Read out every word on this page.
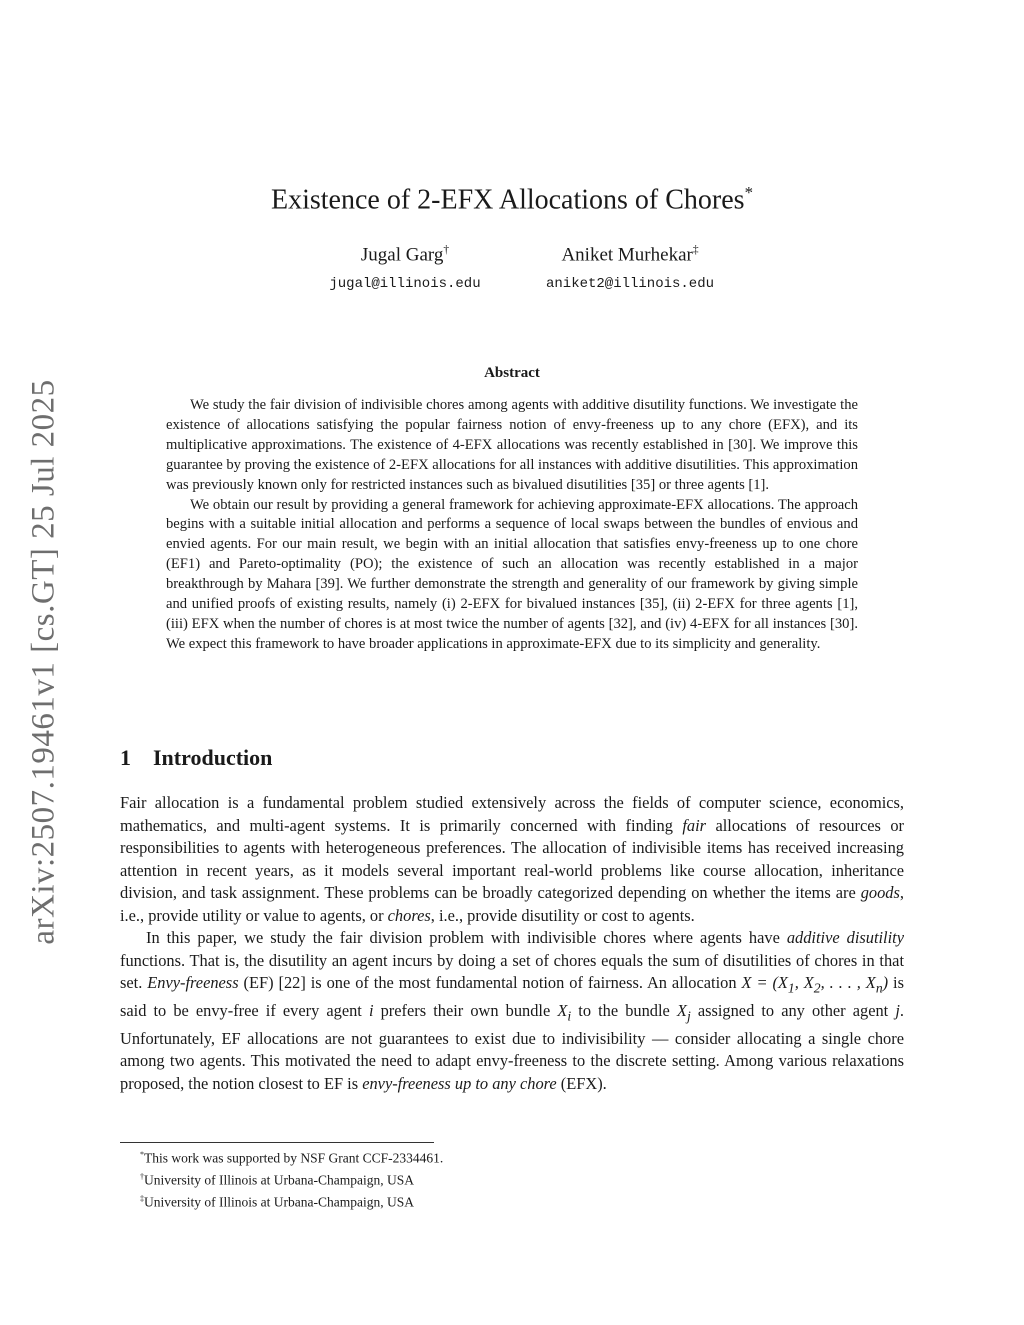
arXiv:2507.19461v1 [cs.GT] 25 Jul 2025
Existence of 2-EFX Allocations of Chores*
Jugal Garg†
jugal@illinois.edu
Aniket Murhekar‡
aniket2@illinois.edu
Abstract

We study the fair division of indivisible chores among agents with additive disutility functions. We investigate the existence of allocations satisfying the popular fairness notion of envy-freeness up to any chore (EFX), and its multiplicative approximations. The existence of 4-EFX allocations was recently established in [30]. We improve this guarantee by proving the existence of 2-EFX allocations for all instances with additive disutilities. This approximation was previously known only for restricted instances such as bivalued disutilities [35] or three agents [1].

We obtain our result by providing a general framework for achieving approximate-EFX allocations. The approach begins with a suitable initial allocation and performs a sequence of local swaps between the bundles of envious and envied agents. For our main result, we begin with an initial allocation that satisfies envy-freeness up to one chore (EF1) and Pareto-optimality (PO); the existence of such an allocation was recently established in a major breakthrough by Mahara [39]. We further demonstrate the strength and generality of our framework by giving simple and unified proofs of existing results, namely (i) 2-EFX for bivalued instances [35], (ii) 2-EFX for three agents [1], (iii) EFX when the number of chores is at most twice the number of agents [32], and (iv) 4-EFX for all instances [30]. We expect this framework to have broader applications in approximate-EFX due to its simplicity and generality.

1 Introduction

Fair allocation is a fundamental problem studied extensively across the fields of computer science, economics, mathematics, and multi-agent systems. It is primarily concerned with finding fair allocations of resources or responsibilities to agents with heterogeneous preferences. The allocation of indivisible items has received increasing attention in recent years, as it models several important real-world problems like course allocation, inheritance division, and task assignment. These problems can be broadly categorized depending on whether the items are goods, i.e., provide utility or value to agents, or chores, i.e., provide disutility or cost to agents.

In this paper, we study the fair division problem with indivisible chores where agents have additive disutility functions. That is, the disutility an agent incurs by doing a set of chores equals the sum of disutilities of chores in that set. Envy-freeness (EF) [22] is one of the most fundamental notion of fairness. An allocation $X = (X_1$, $X_2$, . . . , $X_n$) is said to be envy-free if every agent i prefers their own bundle $X_i$ to the bundle $X_j$ assigned to any other agent j. Unfortunately, EF allocations are not guarantees to exist due to indivisibility — consider allocating a single chore among two agents. This motivated the need to adapt envy-freeness to the discrete setting. Among various relaxations proposed, the notion closest to EF is envy-freeness up to any chore (EFX).

*This work was supported by NSF Grant CCF-2334461.
†University of Illinois at Urbana-Champaign, USA
‡University of Illinois at Urbana-Champaign, USA
